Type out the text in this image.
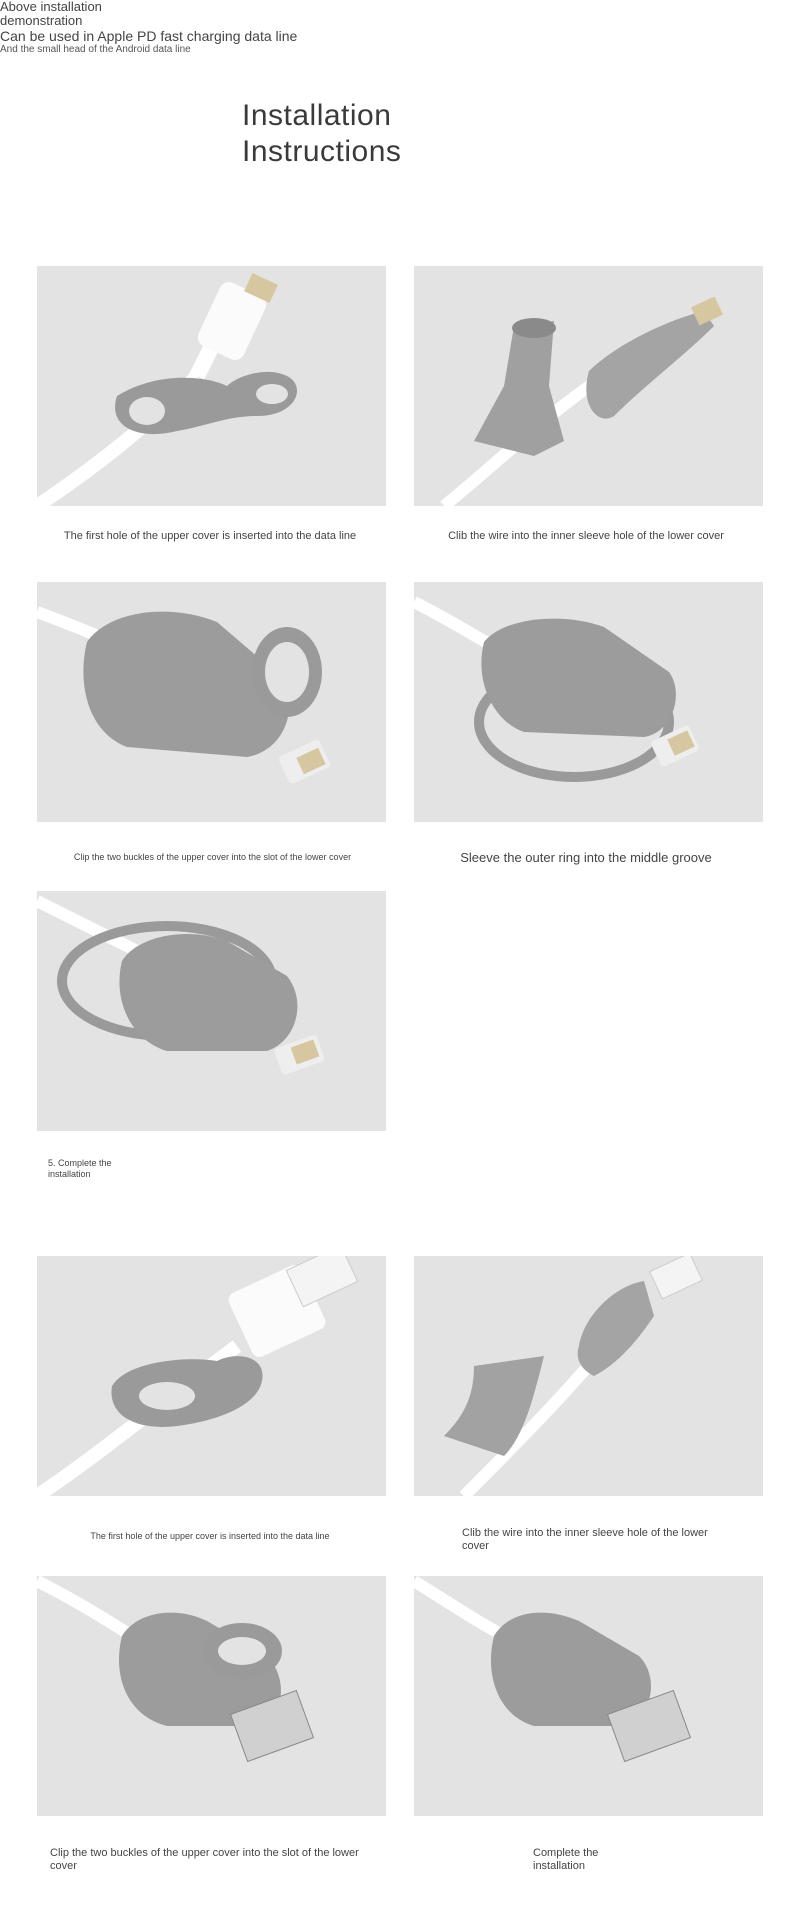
Installation
Instructions
The first hole of the upper cover is inserted into the data line	Clib the wire into the inner sleeve hole of the lower cover
Clip the two buckles of the upper cover into the slot of the lower cover	Sleeve the outer ring into the middle groove
5. Complete the installation
Above installation
demonstration
Can be used in Apple PD fast charging data line
And the small head of the Android data line
The first hole of the upper cover is inserted into the data line	Clib the wire into the inner sleeve hole of the lower cover
Clip the two buckles of the upper cover into the slot of the lower cover
Complete the installation
